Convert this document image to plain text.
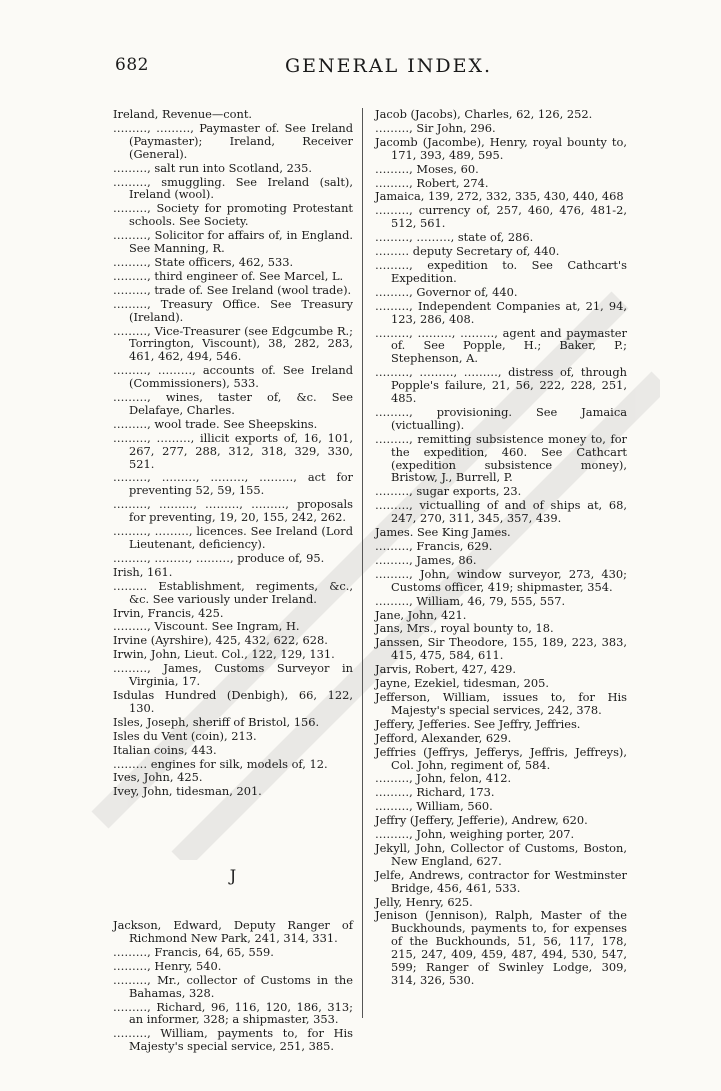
682	GENERAL INDEX.

Ireland, Revenue—cont.

………, ………, Paymaster of. See Ireland (Paymaster); Ireland, Receiver (General).

………, salt run into Scotland, 235.

………, smuggling. See Ireland (salt), Ireland (wool).

………, Society for promoting Protestant schools. See Society.

………, Solicitor for affairs of, in England. See Manning, R.

………, State officers, 462, 533.

………, third engineer of. See Marcel, L.

………, trade of. See Ireland (wool trade).

………, Treasury Office. See Treasury (Ireland).

………, Vice-Treasurer (see Edgcumbe R.; Torrington, Viscount), 38, 282, 283, 461, 462, 494, 546.

………, ………, accounts of. See Ireland (Commissioners), 533.

………, wines, taster of, &c. See Delafaye, Charles.

………, wool trade. See Sheepskins.

………, ………, illicit exports of, 16, 101, 267, 277, 288, 312, 318, 329, 330, 521.

………, ………, ………, ………, act for preventing 52, 59, 155.

………, ………, ………, ………, proposals for preventing, 19, 20, 155, 242, 262.

………, ………, licences. See Ireland (Lord Lieutenant, deficiency).

………, ………, ………, produce of, 95.

Irish, 161.

……… Establishment, regiments, &c., &c. See variously under Ireland.

Irvin, Francis, 425.

………, Viscount. See Ingram, H.

Irvine (Ayrshire), 425, 432, 622, 628.

Irwin, John, Lieut. Col., 122, 129, 131.

………, James, Customs Surveyor in Virginia, 17.

Isdulas Hundred (Denbigh), 66, 122, 130.

Isles, Joseph, sheriff of Bristol, 156.

Isles du Vent (coin), 213.

Italian coins, 443.

……… engines for silk, models of, 12.

Ives, John, 425.

Ivey, John, tidesman, 201.

J

Jackson, Edward, Deputy Ranger of Richmond New Park, 241, 314, 331.

………, Francis, 64, 65, 559.

………, Henry, 540.

………, Mr., collector of Customs in the Bahamas, 328.

………, Richard, 96, 116, 120, 186, 313; an informer, 328; a shipmaster, 353.

………, William, payments to, for His Majesty's special service, 251, 385.

Jacob (Jacobs), Charles, 62, 126, 252.

………, Sir John, 296.

Jacomb (Jacombe), Henry, royal bounty to, 171, 393, 489, 595.

………, Moses, 60.

………, Robert, 274.

Jamaica, 139, 272, 332, 335, 430, 440, 468

………, currency of, 257, 460, 476, 481-2, 512, 561.

………, ………, state of, 286.

……… deputy Secretary of, 440.

………, expedition to. See Cathcart's Expedition.

………, Governor of, 440.

………, Independent Companies at, 21, 94, 123, 286, 408.

………, ………, ………, agent and paymaster of. See Popple, H.; Baker, P.; Stephenson, A.

………, ………, ………, distress of, through Popple's failure, 21, 56, 222, 228, 251, 485.

………, provisioning. See Jamaica (victualling).

………, remitting subsistence money to, for the expedition, 460. See Cathcart (expedition subsistence money), Bristow, J., Burrell, P.

………, sugar exports, 23.

………, victualling of and of ships at, 68, 247, 270, 311, 345, 357, 439.

James. See King James.

………, Francis, 629.

………, James, 86.

………, John, window surveyor, 273, 430; Customs officer, 419; shipmaster, 354.

………, William, 46, 79, 555, 557.

Jane, John, 421.

Jans, Mrs., royal bounty to, 18.

Janssen, Sir Theodore, 155, 189, 223, 383, 415, 475, 584, 611.

Jarvis, Robert, 427, 429.

Jayne, Ezekiel, tidesman, 205.

Jefferson, William, issues to, for His Majesty's special services, 242, 378.

Jeffery, Jefferies. See Jeffry, Jeffries.

Jefford, Alexander, 629.

Jeffries (Jeffrys, Jefferys, Jeffris, Jeffreys), Col. John, regiment of, 584.

………, John, felon, 412.

………, Richard, 173.

………, William, 560.

Jeffry (Jeffery, Jefferie), Andrew, 620.

………, John, weighing porter, 207.

Jekyll, John, Collector of Customs, Boston, New England, 627.

Jelfe, Andrews, contractor for Westminster Bridge, 456, 461, 533.

Jelly, Henry, 625.

Jenison (Jennison), Ralph, Master of the Buckhounds, payments to, for expenses of the Buckhounds, 51, 56, 117, 178, 215, 247, 409, 459, 487, 494, 530, 547, 599; Ranger of Swinley Lodge, 309, 314, 326, 530.
